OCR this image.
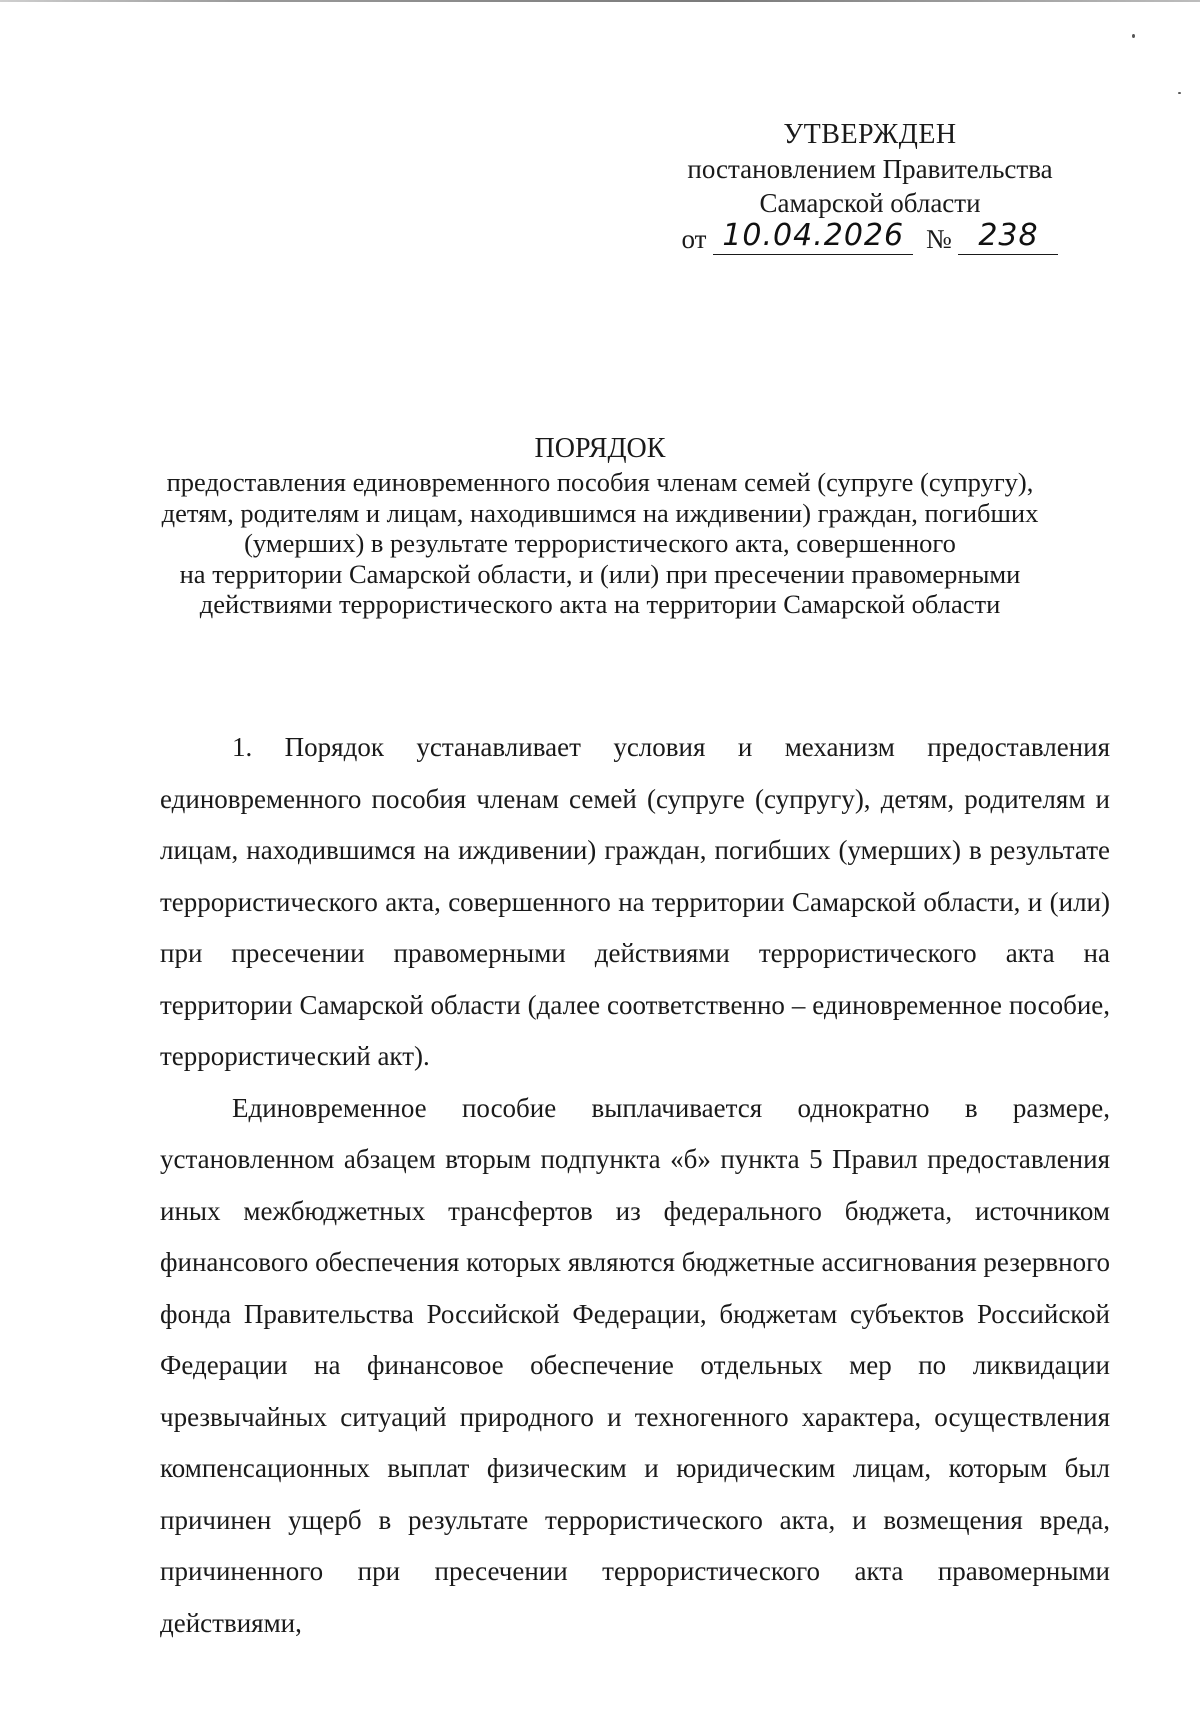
УТВЕРЖДЕН
постановлением Правительства
Самарской области
от 10.04.2026 № 238
ПОРЯДОК
предоставления единовременного пособия членам семей (супруге (супругу),
детям, родителям и лицам, находившимся на иждивении) граждан, погибших
(умерших) в результате террористического акта, совершенного
на территории Самарской области, и (или) при пресечении правомерными
действиями террористического акта на территории Самарской области

1. Порядок устанавливает условия и механизм предоставления единовременного пособия членам семей (супруге (супругу), детям, родителям и лицам, находившимся на иждивении) граждан, погибших (умерших) в результате террористического акта, совершенного на территории Самарской области, и (или) при пресечении правомерными действиями террористического акта на территории Самарской области (далее соответственно – единовременное пособие, террористический акт).

Единовременное пособие выплачивается однократно в размере, установленном абзацем вторым подпункта «б» пункта 5 Правил предоставления иных межбюджетных трансфертов из федерального бюджета, источником финансового обеспечения которых являются бюджетные ассигнования резервного фонда Правительства Российской Федерации, бюджетам субъектов Российской Федерации на финансовое обеспечение отдельных мер по ликвидации чрезвычайных ситуаций природного и техногенного характера, осуществления компенсационных выплат физическим и юридическим лицам, которым был причинен ущерб в результате террористического акта, и возмещения вреда, причиненного при пресечении террористического акта правомерными действиями,
